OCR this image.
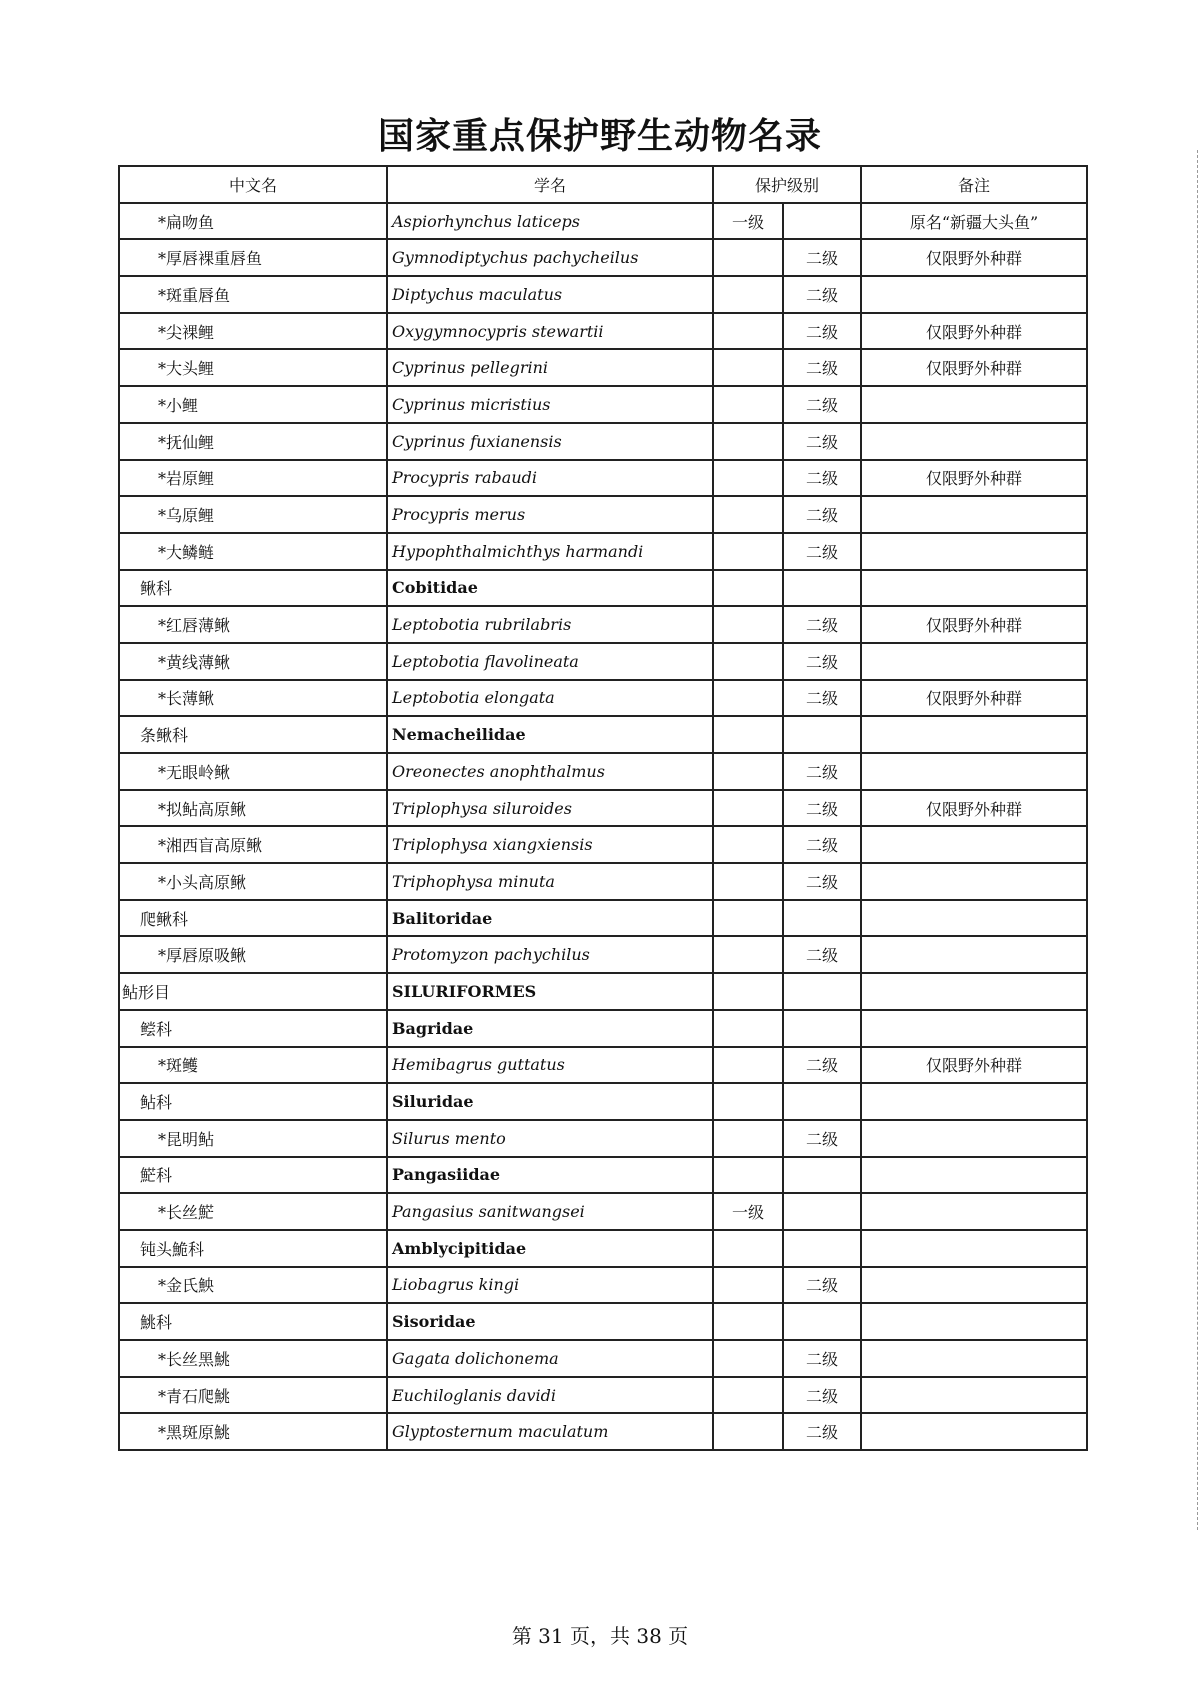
国家重点保护野生动物名录
中文名	学名	保护级别		备注
*扁吻鱼	Aspiorhynchus laticeps	一级		原名“新疆大头鱼”
*厚唇裸重唇鱼	Gymnodiptychus pachycheilus		二级	仅限野外种群
*斑重唇鱼	Diptychus maculatus		二级	
*尖裸鲤	Oxygymnocypris stewartii		二级	仅限野外种群
*大头鲤	Cyprinus pellegrini		二级	仅限野外种群
*小鲤	Cyprinus micristius		二级	
*抚仙鲤	Cyprinus fuxianensis		二级	
*岩原鲤	Procypris rabaudi		二级	仅限野外种群
*乌原鲤	Procypris merus		二级	
*大鳞鲢	Hypophthalmichthys harmandi		二级	
鳅科	Cobitidae			
*红唇薄鳅	Leptobotia rubrilabris		二级	仅限野外种群
*黄线薄鳅	Leptobotia flavolineata		二级	
*长薄鳅	Leptobotia elongata		二级	仅限野外种群
条鳅科	Nemacheilidae			
*无眼岭鳅	Oreonectes anophthalmus		二级	
*拟鲇高原鳅	Triplophysa siluroides		二级	仅限野外种群
*湘西盲高原鳅	Triplophysa xiangxiensis		二级	
*小头高原鳅	Triphophysa minuta		二级	
爬鳅科	Balitoridae			
*厚唇原吸鳅	Protomyzon pachychilus		二级	
鲇形目	SILURIFORMES			
鲿科	Bagridae			
*斑鳠	Hemibagrus guttatus		二级	仅限野外种群
鲇科	Siluridae			
*昆明鲇	Silurus mento		二级	
𩷶科	Pangasiidae			
*长丝𩷶	Pangasius sanitwangsei	一级		
钝头鮠科	Amblycipitidae			
*金氏䱀	Liobagrus kingi		二级	
鮡科	Sisoridae			
*长丝黑鮡	Gagata dolichonema		二级	
*青石爬鮡	Euchiloglanis davidi		二级	
*黑斑原鮡	Glyptosternum maculatum		二级	
第 31 页，共 38 页
